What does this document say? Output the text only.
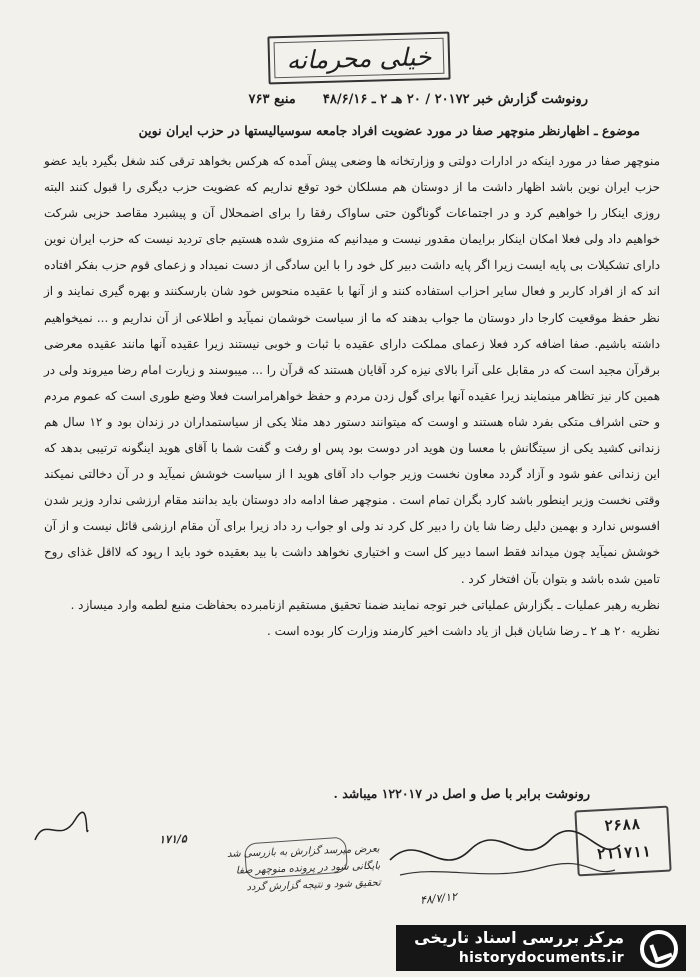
خیلی محرمانه
رونوشت گزارش خبر ۲۰۱۷۲ / ۲۰ هـ ۲ ـ ۴۸/۶/۱۶      منبع ۷۶۳
موضوع ـ اظهارنظر منوچهر صفا در مورد عضویت افراد جامعه سوسیالیستها در حزب ایران نوین

منوچهر صفا در مورد اینکه در ادارات دولتی و وزارتخانه ها وضعی پیش آمده که هرکس بخواهد ترقی کند شغل بگیرد باید عضو حزب ایران نوین باشد اظهار داشت ما از دوستان هم مسلکان خود توقع نداریم که عضویت حزب دیگری را قبول کنند البته روزی اینکار را خواهیم کرد و در اجتماعات گوناگون حتی ساواک رفقا را برای اضمحلال آن و پیشبرد مقاصد حزبی شرکت خواهیم داد ولی فعلا امکان اینکار برایمان مقدور نیست و میدانیم که منزوی شده هستیم جای تردید نیست که حزب ایران نوین دارای تشکیلات بی پایه ایست زیرا اگر پایه داشت دبیر کل خود را با این سادگی از دست نمیداد و زعمای قوم حزب بفکر افتاده اند که از افراد کاربر و فعال سایر احزاب استفاده کنند و از آنها با عقیده منحوس خود شان بارسکنند و بهره گیری نمایند و از نظر حفظ موقعیت کارجا دار دوستان ما جواب بدهند که ما از سیاست خوشمان نمیآید و اطلاعی از آن نداریم و ... نمیخواهیم داشته باشیم. صفا اضافه کرد فعلا زعمای مملکت دارای عقیده با ثبات و خوبی نیستند زیرا عقیده آنها مانند عقیده معرضی برقرآن مجید است که در مقابل علی آنرا بالای نیزه کرد آقایان هستند که قرآن را ... میبوسند و زیارت امام رضا میروند ولی در همین کار نیز تظاهر مینمایند زیرا عقیده آنها برای گول زدن مردم و حفظ خواهرامراست فعلا وضع طوری است که عموم مردم و حتی اشراف متکی بفرد شاه هستند و اوست که میتوانند دستور دهد مثلا یکی از سیاستمداران در زندان بود و ۱۲ سال هم زندانی کشید یکی از سیتگانش با معسا ون هوید ادر دوست بود پس او رفت و گفت شما با آقای هوید اینگونه ترتیبی بدهد که این زندانی عفو شود و آزاد گردد معاون نخست وزیر جواب داد آقای هوید ا از سیاست خوشش نمیآید و در آن دخالتی نمیکند وقتی نخست وزیر اینطور باشد کارد بگران تمام است . منوچهر صفا ادامه داد دوستان باید بدانند مقام ارزشی ندارد وزیر شدن افسوس ندارد و بهمین دلیل رضا شا یان را دبیر کل کرد ند ولی او جواب رد داد زیرا برای آن مقام ارزشی قائل نیست و از آن خوشش نمیآید چون میداند فقط اسما دبیر کل است و اختیاری نخواهد داشت با بید بعقیده خود باید ا رپود که لااقل غذای روح تامین شده باشد و بتوان بآن افتخار کرد .

نظریه رهبر عملیات ـ بگزارش عملیاتی خبر توجه نمایند ضمنا تحقیق مستقیم ازنامبرده بحفاظت منبع لطمه وارد میسازد .

نظریه ۲۰ هـ ۲ ـ رضا شایان قبل از یاد داشت اخیر کارمند وزارت کار بوده است .

رونوشت برابر با صل و اصل در ۱۲۲۰۱۷ میباشد .
۲۶۸۸
۲۱۱۷۱۱
۱۷۱/۵
بعرض میرسد گزارش به بازرسی شد
بایگانی شود در پرونده منوچهر صفا
تحقیق شود و نتیجه گزارش گردد
۴۸/۷/۱۲
مرکز بررسی اسناد تاریخی
historydocuments.ir
